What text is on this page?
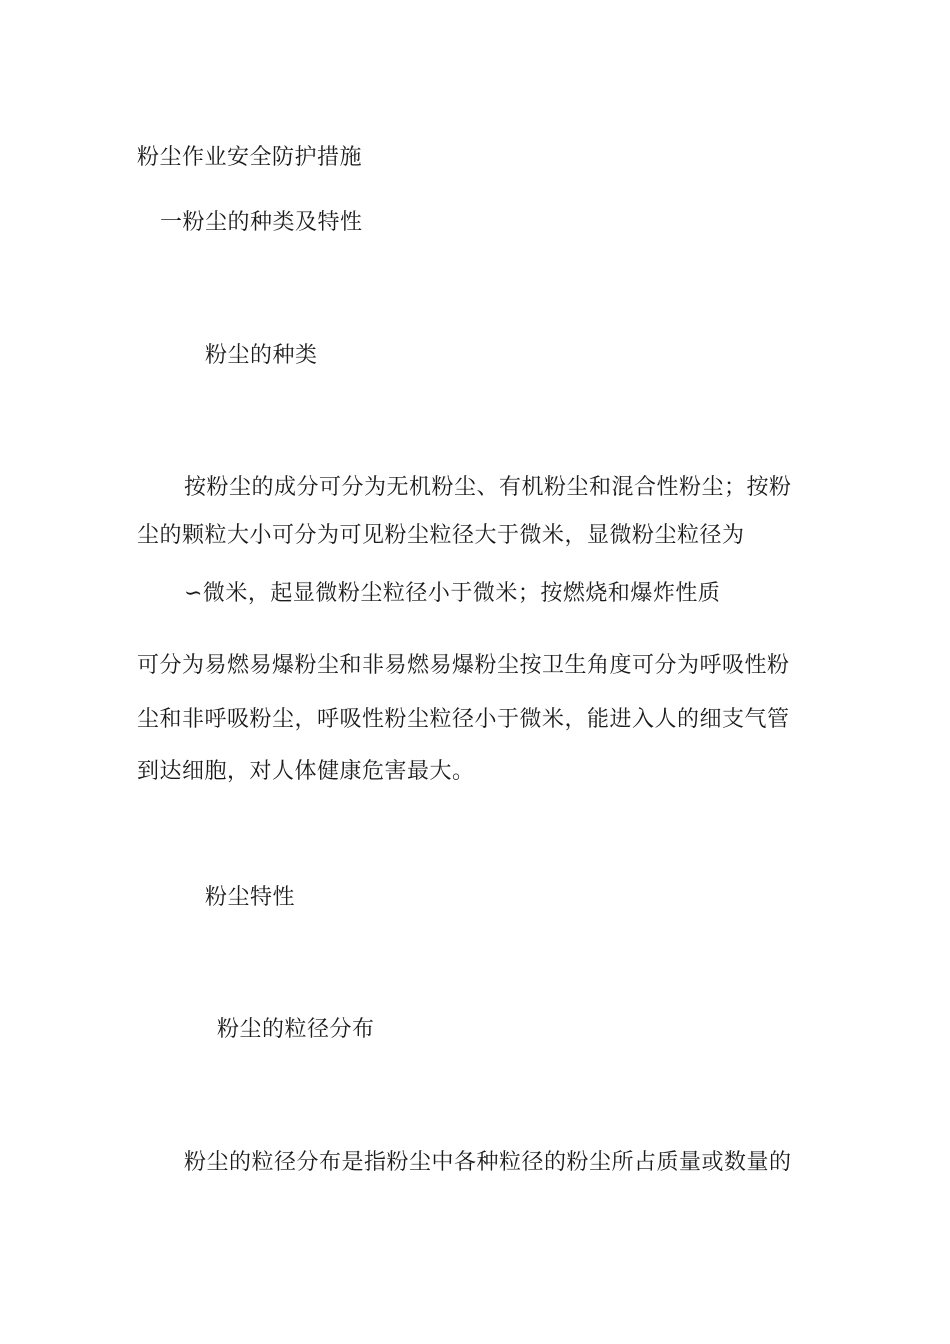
粉尘作业安全防护措施
一粉尘的种类及特性
粉尘的种类
按粉尘的成分可分为无机粉尘、有机粉尘和混合性粉尘；按粉
尘的颗粒大小可分为可见粉尘粒径大于微米，显微粉尘粒径为
∽微米，起显微粉尘粒径小于微米；按燃烧和爆炸性质
可分为易燃易爆粉尘和非易燃易爆粉尘按卫生角度可分为呼吸性粉
尘和非呼吸粉尘，呼吸性粉尘粒径小于微米，能进入人的细支气管
到达细胞，对人体健康危害最大。
粉尘特性
粉尘的粒径分布
粉尘的粒径分布是指粉尘中各种粒径的粉尘所占质量或数量的
